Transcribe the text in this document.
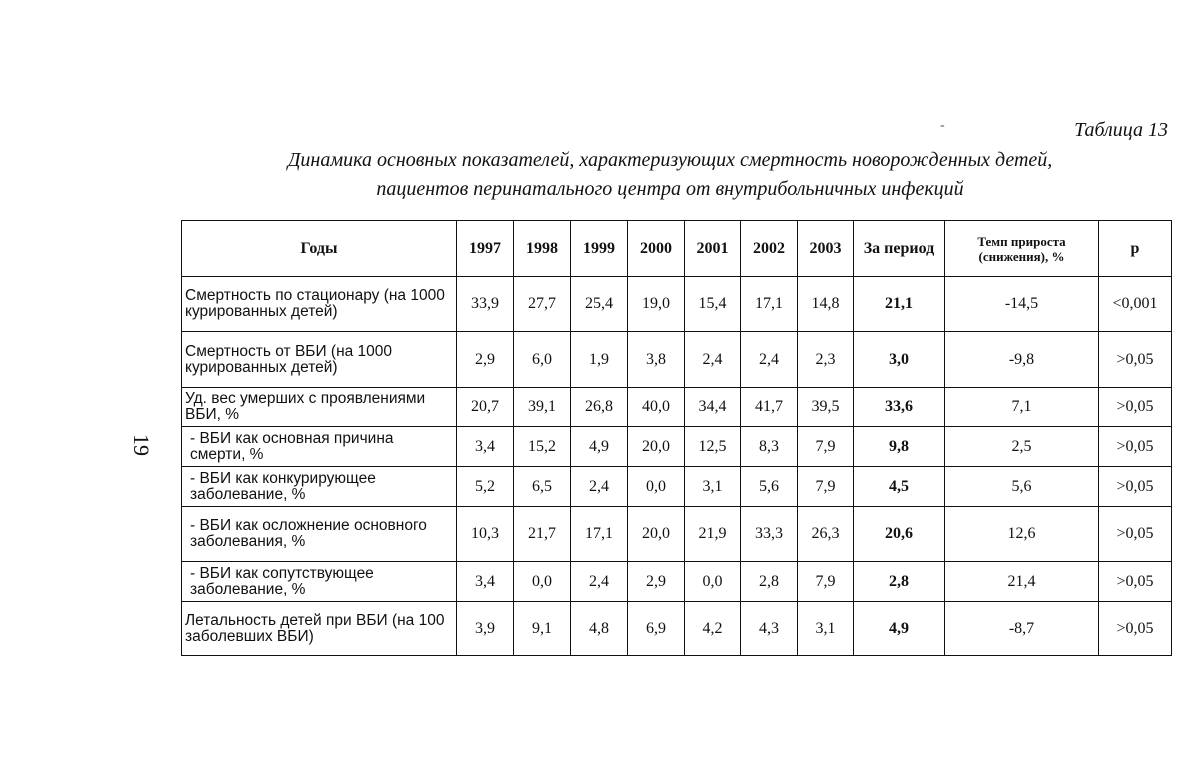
-	Таблица 13
Динамика основных показателей, характеризующих смертность новорожденных детей,
пациентов перинатального центра от внутрибольничных инфекций
19
Годы	1997	1998	1999	2000	2001	2002	2003	За период	Темп прироста (снижения), %	р
Смертность по стационару (на 1000 курированных детей)	33,9	27,7	25,4	19,0	15,4	17,1	14,8	21,1	-14,5	<0,001
Смертность от ВБИ (на 1000 курированных детей)	2,9	6,0	1,9	3,8	2,4	2,4	2,3	3,0	-9,8	>0,05
Уд. вес умерших с проявлениями ВБИ, %	20,7	39,1	26,8	40,0	34,4	41,7	39,5	33,6	7,1	>0,05
- ВБИ как основная причина смерти, %	3,4	15,2	4,9	20,0	12,5	8,3	7,9	9,8	2,5	>0,05
- ВБИ как конкурирующее заболевание, %	5,2	6,5	2,4	0,0	3,1	5,6	7,9	4,5	5,6	>0,05
- ВБИ как осложнение основного заболевания, %	10,3	21,7	17,1	20,0	21,9	33,3	26,3	20,6	12,6	>0,05
- ВБИ как сопутствующее заболевание, %	3,4	0,0	2,4	2,9	0,0	2,8	7,9	2,8	21,4	>0,05
Летальность детей при ВБИ (на 100 заболевших ВБИ)	3,9	9,1	4,8	6,9	4,2	4,3	3,1	4,9	-8,7	>0,05
